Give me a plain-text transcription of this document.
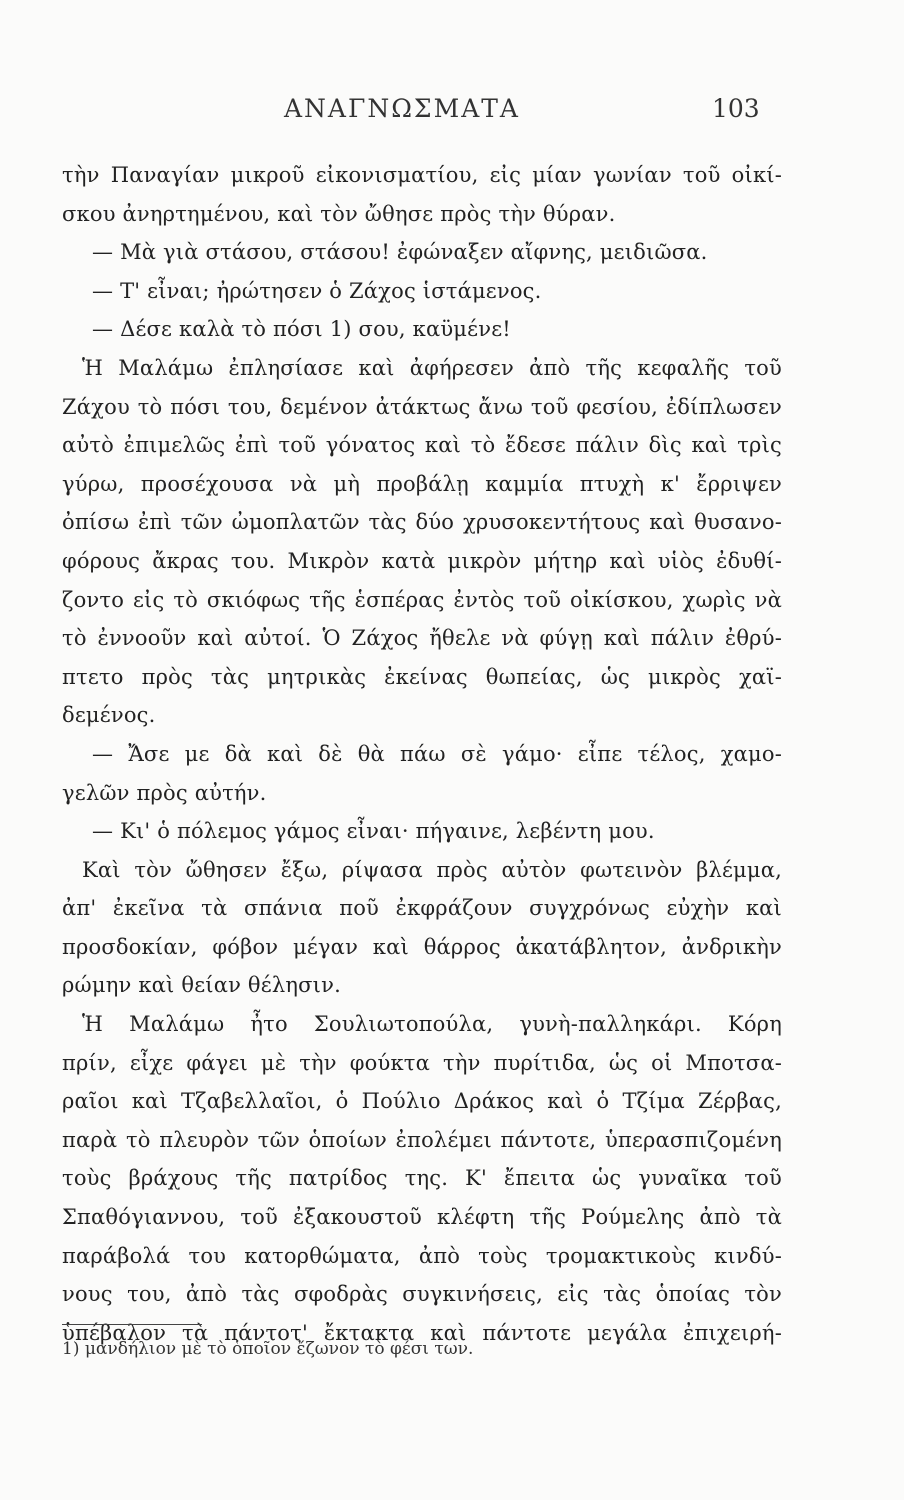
ΑΝΑΓΝΩΣΜΑΤΑ	103
τὴν Παναγίαν μικροῦ εἰκονισματίου, εἰς μίαν γωνίαν τοῦ οἰκί-
σκου ἀνηρτημένου, καὶ τὸν ὤθησε πρὸς τὴν θύραν.
— Μὰ γιὰ στάσου, στάσου! ἐφώναξεν αἴφνης, μειδιῶσα.
— Τ' εἶναι; ἠρώτησεν ὁ Ζάχος ἱστάμενος.
— Δέσε καλὰ τὸ πόσι 1) σου, καϋμένε!
Ἡ Μαλάμω ἐπλησίασε καὶ ἀφήρεσεν ἀπὸ τῆς κεφαλῆς τοῦ
Ζάχου τὸ πόσι του, δεμένον ἀτάκτως ἄνω τοῦ φεσίου, ἐδίπλωσεν
αὐτὸ ἐπιμελῶς ἐπὶ τοῦ γόνατος καὶ τὸ ἔδεσε πάλιν δὶς καὶ τρὶς
γύρω, προσέχουσα νὰ μὴ προβάλῃ καμμία πτυχὴ κ' ἔρριψεν
ὀπίσω ἐπὶ τῶν ὠμοπλατῶν τὰς δύο χρυσοκεντήτους καὶ θυσανο-
φόρους ἄκρας του. Μικρὸν κατὰ μικρὸν μήτηρ καὶ υἱὸς ἐδυθί-
ζοντο εἰς τὸ σκιόφως τῆς ἑσπέρας ἐντὸς τοῦ οἰκίσκου, χωρὶς νὰ
τὸ ἐννοοῦν καὶ αὐτοί. Ὁ Ζάχος ἤθελε νὰ φύγῃ καὶ πάλιν ἐθρύ-
πτετο πρὸς τὰς μητρικὰς ἐκείνας θωπείας, ὡς μικρὸς χαϊ-
δεμένος.
— Ἄσε με δὰ καὶ δὲ θὰ πάω σὲ γάμο· εἶπε τέλος, χαμο-
γελῶν πρὸς αὐτήν.
— Κι' ὁ πόλεμος γάμος εἶναι· πήγαινε, λεβέντη μου.
Καὶ τὸν ὤθησεν ἔξω, ρίψασα πρὸς αὐτὸν φωτεινὸν βλέμμα,
ἀπ' ἐκεῖνα τὰ σπάνια ποῦ ἐκφράζουν συγχρόνως εὐχὴν καὶ
προσδοκίαν, φόβον μέγαν καὶ θάρρος ἀκατάβλητον, ἀνδρικὴν
ρώμην καὶ θείαν θέλησιν.
Ἡ Μαλάμω ἦτο Σουλιωτοπούλα, γυνὴ-παλληκάρι. Κόρη
πρίν, εἶχε φάγει μὲ τὴν φούκτα τὴν πυρίτιδα, ὡς οἱ Μποτσα-
ραῖοι καὶ Τζαβελλαῖοι, ὁ Πούλιο Δράκος καὶ ὁ Τζίμα Ζέρβας,
παρὰ τὸ πλευρὸν τῶν ὁποίων ἐπολέμει πάντοτε, ὑπερασπιζομένη
τοὺς βράχους τῆς πατρίδος της. Κ' ἔπειτα ὡς γυναῖκα τοῦ
Σπαθόγιαννου, τοῦ ἐξακουστοῦ κλέφτη τῆς Ρούμελης ἀπὸ τὰ
παράβολά του κατορθώματα, ἀπὸ τοὺς τρομακτικοὺς κινδύ-
νους του, ἀπὸ τὰς σφοδρὰς συγκινήσεις, εἰς τὰς ὁποίας τὸν
ὑπέβαλον τὰ πάντοτ' ἔκτακτα καὶ πάντοτε μεγάλα ἐπιχειρή-
1) μανδήλιον μὲ τὸ ὁποῖον ἔζωνον τὸ φέσι των.
